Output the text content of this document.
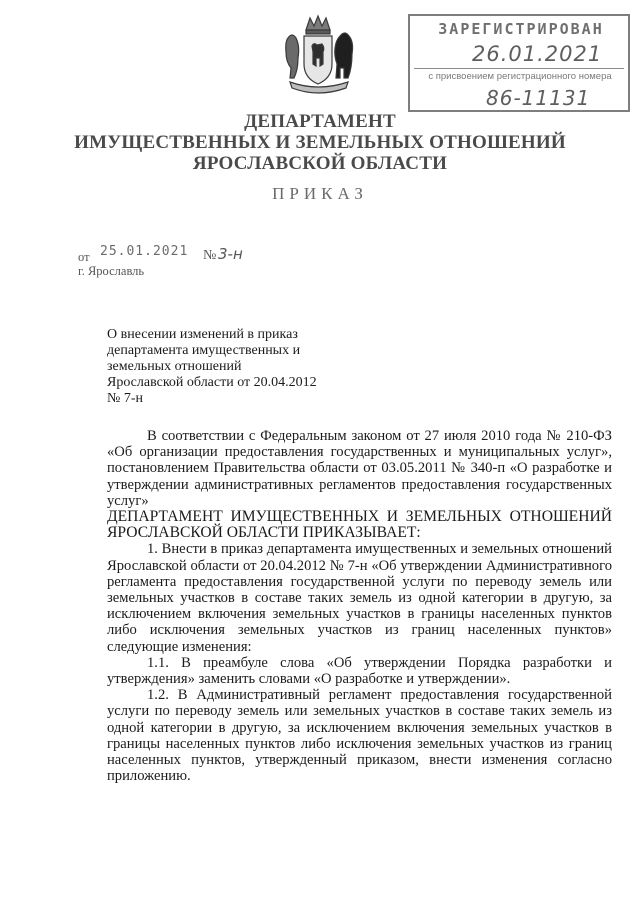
ЗАРЕГИСТРИРОВАН
26.01.2021
с присвоением регистрационного номера
86-11131
ДЕПАРТАМЕНТ
ИМУЩЕСТВЕННЫХ И ЗЕМЕЛЬНЫХ ОТНОШЕНИЙ
ЯРОСЛАВСКОЙ ОБЛАСТИ
ПРИКАЗ
от 25.01.2021 № 3-н
г. Ярославль
О внесении изменений в приказ
департамента имущественных и
земельных отношений
Ярославской области от 20.04.2012
№ 7-н

В соответствии с Федеральным законом от 27 июля 2010 года № 210-ФЗ «Об организации предоставления государственных и муниципальных услуг», постановлением Правительства области от 03.05.2011 № 340-п «О разработке и утверждении административных регламентов предоставления государственных услуг»

ДЕПАРТАМЕНТ ИМУЩЕСТВЕННЫХ И ЗЕМЕЛЬНЫХ ОТНОШЕНИЙ ЯРОСЛАВСКОЙ ОБЛАСТИ ПРИКАЗЫВАЕТ:

1. Внести в приказ департамента имущественных и земельных отношений Ярославской области от 20.04.2012 № 7-н «Об утверждении Административного регламента предоставления государственной услуги по переводу земель или земельных участков в составе таких земель из одной категории в другую, за исключением включения земельных участков в границы населенных пунктов либо исключения земельных участков из границ населенных пунктов» следующие изменения:

1.1. В преамбуле слова «Об утверждении Порядка разработки и утверждения» заменить словами «О разработке и утверждении».

1.2. В Административный регламент предоставления государственной услуги по переводу земель или земельных участков в составе таких земель из одной категории в другую, за исключением включения земельных участков в границы населенных пунктов либо исключения земельных участков из границ населенных пунктов, утвержденный приказом, внести изменения согласно приложению.
